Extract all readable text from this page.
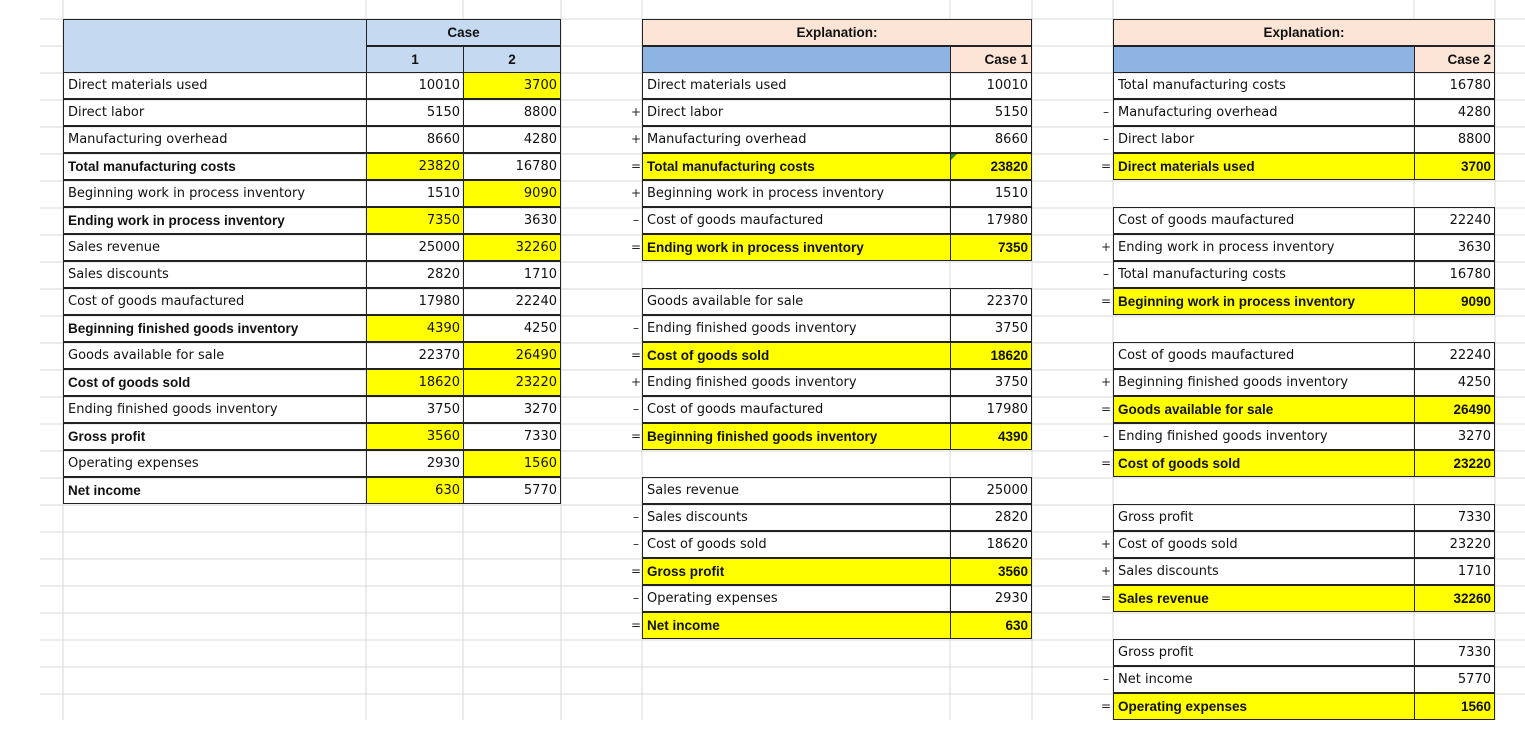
Case
1	2
Direct materials used	10010	3700
Direct labor	5150	8800
Manufacturing overhead	8660	4280
Total manufacturing costs	23820	16780
Beginning work in process inventory	1510	9090
Ending work in process inventory	7350	3630
Sales revenue	25000	32260
Sales discounts	2820	1710
Cost of goods maufactured	17980	22240
Beginning finished goods inventory	4390	4250
Goods available for sale	22370	26490
Cost of goods sold	18620	23220
Ending finished goods inventory	3750	3270
Gross profit	3560	7330
Operating expenses	2930	1560
Net income	630	5770
Explanation:
Case 1
Direct materials used	10010
+ Direct labor	5150
+ Manufacturing overhead	8660
= Total manufacturing costs	23820
+ Beginning work in process inventory	1510
– Cost of goods maufactured	17980
= Ending work in process inventory	7350
Goods available for sale	22370
– Ending finished goods inventory	3750
= Cost of goods sold	18620
+ Ending finished goods inventory	3750
– Cost of goods maufactured	17980
= Beginning finished goods inventory	4390
Sales revenue	25000
– Sales discounts	2820
– Cost of goods sold	18620
= Gross profit	3560
– Operating expenses	2930
= Net income	630
Explanation:
Case 2
Total manufacturing costs	16780
– Manufacturing overhead	4280
– Direct labor	8800
= Direct materials used	3700
Cost of goods maufactured	22240
+ Ending work in process inventory	3630
– Total manufacturing costs	16780
= Beginning work in process inventory	9090
Cost of goods maufactured	22240
+ Beginning finished goods inventory	4250
= Goods available for sale	26490
– Ending finished goods inventory	3270
= Cost of goods sold	23220
Gross profit	7330
+ Cost of goods sold	23220
+ Sales discounts	1710
= Sales revenue	32260
Gross profit	7330
– Net income	5770
= Operating expenses	1560
